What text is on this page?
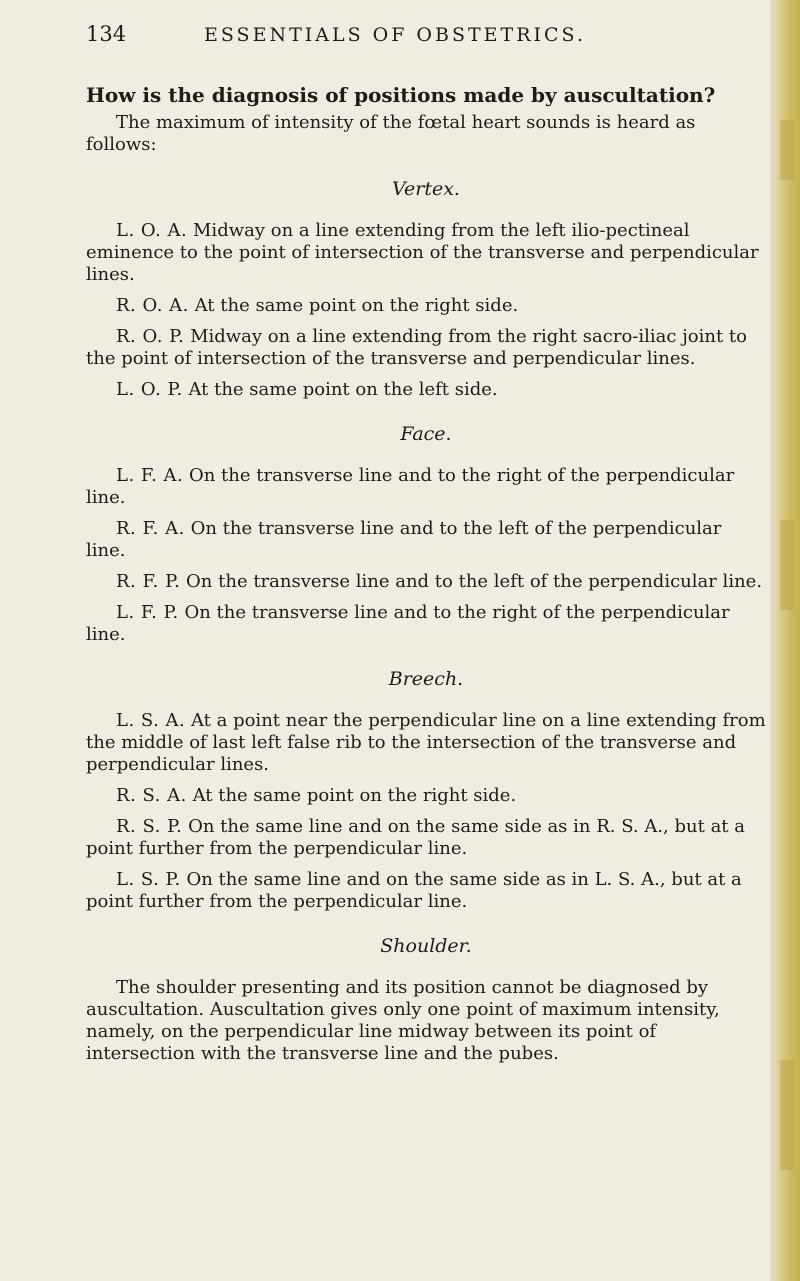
134	ESSENTIALS OF OBSTETRICS.
How is the diagnosis of positions made by auscultation?

The maximum of intensity of the fœtal heart sounds is heard as follows:

Vertex.

L. O. A. Midway on a line extending from the left ilio-pectineal eminence to the point of intersection of the transverse and perpendicular lines.

R. O. A. At the same point on the right side.

R. O. P. Midway on a line extending from the right sacro-iliac joint to the point of intersection of the transverse and perpendicular lines.

L. O. P. At the same point on the left side.

Face.

L. F. A. On the transverse line and to the right of the perpendicular line.

R. F. A. On the transverse line and to the left of the perpendicular line.

R. F. P. On the transverse line and to the left of the perpendicular line.

L. F. P. On the transverse line and to the right of the perpendicular line.

Breech.

L. S. A. At a point near the perpendicular line on a line extending from the middle of last left false rib to the intersection of the transverse and perpendicular lines.

R. S. A. At the same point on the right side.

R. S. P. On the same line and on the same side as in R. S. A., but at a point further from the perpendicular line.

L. S. P. On the same line and on the same side as in L. S. A., but at a point further from the perpendicular line.

Shoulder.

The shoulder presenting and its position cannot be diagnosed by auscultation. Auscultation gives only one point of maximum intensity, namely, on the perpendicular line midway between its point of intersection with the transverse line and the pubes.
